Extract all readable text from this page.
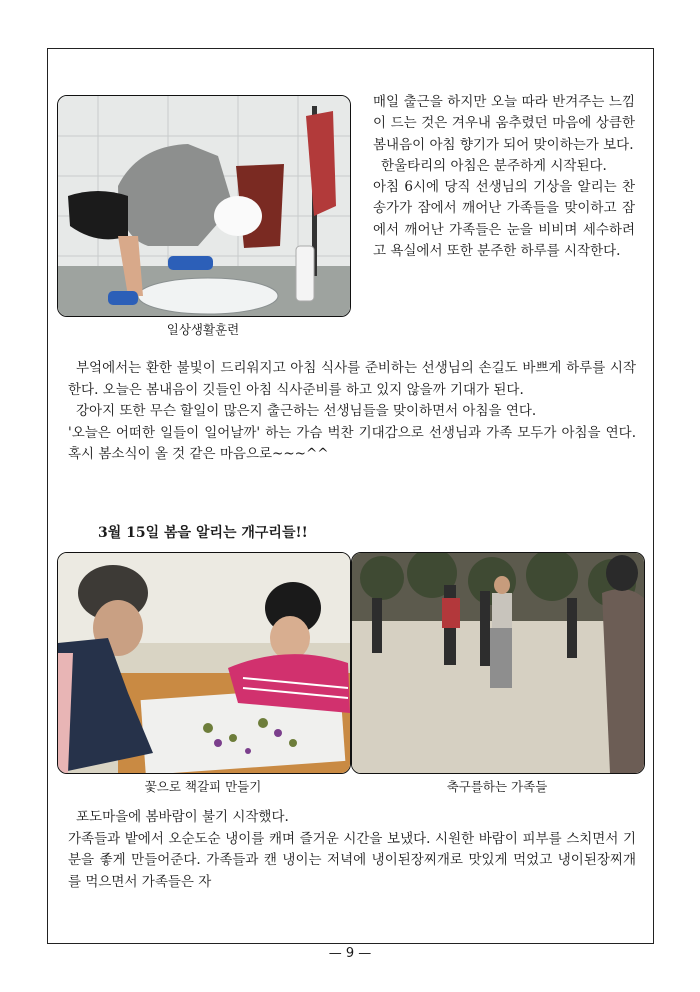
일상생활훈련

매일 출근을 하지만 오늘 따라 반겨주는 느낌이 드는 것은 겨우내 움추렸던 마음에 상큼한 봄내음이 아침 향기가 되어 맞이하는가 보다.

한울타리의 아침은 분주하게 시작된다.

아침 6시에 당직 선생님의 기상을 알리는 찬송가가 잠에서 깨어난 가족들을 맞이하고 잠에서 깨어난 가족들은 눈을 비비며 세수하려고 욕실에서 또한 분주한 하루를 시작한다.

부엌에서는 환한 불빛이 드리워지고 아침 식사를 준비하는 선생님의 손길도 바쁘게 하루를 시작한다. 오늘은 봄내음이 깃들인 아침 식사준비를 하고 있지 않을까 기대가 된다.

강아지 또한 무슨 할일이 많은지 출근하는 선생님들을 맞이하면서 아침을 연다.

'오늘은 어떠한 일들이 일어날까' 하는 가슴 벅찬 기대감으로 선생님과 가족 모두가 아침을 연다. 혹시 봄소식이 올 것 같은 마음으로~~~^^

3월 15일 봄을 알리는 개구리들!!
꽃으로 책갈피 만들기	축구를하는 가족들

포도마을에 봄바람이 불기 시작했다.

가족들과 밭에서 오순도순 냉이를 캐며 즐거운 시간을 보냈다. 시원한 바람이 피부를 스치면서 기분을 좋게 만들어준다. 가족들과 캔 냉이는 저녁에 냉이된장찌개로 맛있게 먹었고 냉이된장찌개를 먹으면서 가족들은 자

— 9 —
